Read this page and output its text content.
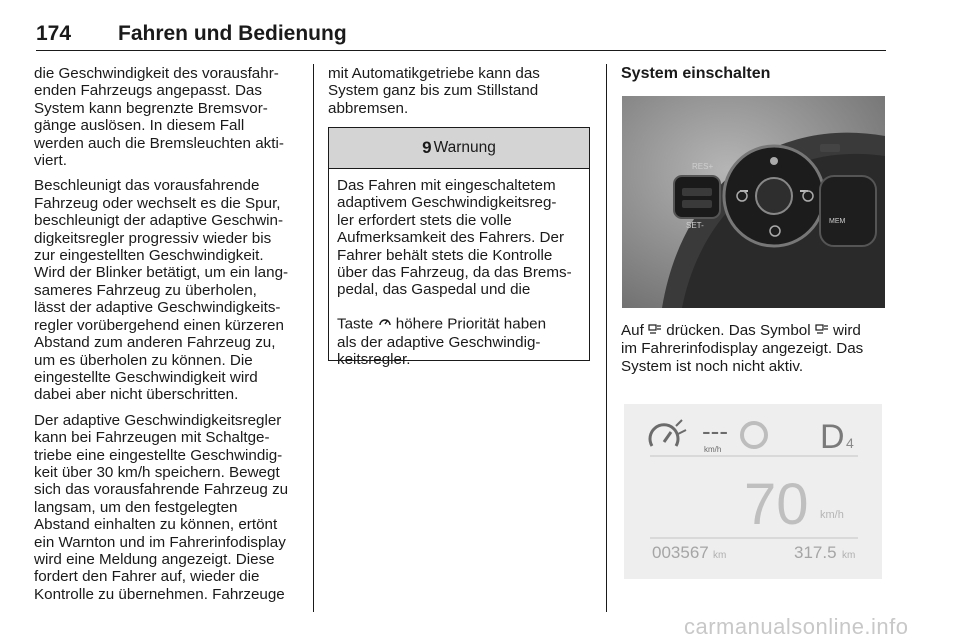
174 Fahren und Bedienung

die Geschwindigkeit des vorausfahr-
enden Fahrzeugs angepasst. Das
System kann begrenzte Bremsvor-
gänge auslösen. In diesem Fall
werden auch die Bremsleuchten akti-
viert.

Beschleunigt das vorausfahrende
Fahrzeug oder wechselt es die Spur,
beschleunigt der adaptive Geschwin-
digkeitsregler progressiv wieder bis
zur eingestellten Geschwindigkeit.
Wird der Blinker betätigt, um ein lang-
sameres Fahrzeug zu überholen,
lässt der adaptive Geschwindigkeits-
regler vorübergehend einen kürzeren
Abstand zum anderen Fahrzeug zu,
um es überholen zu können. Die
eingestellte Geschwindigkeit wird
dabei aber nicht überschritten.

Der adaptive Geschwindigkeitsregler
kann bei Fahrzeugen mit Schaltge-
triebe eine eingestellte Geschwindig-
keit über 30 km/h speichern. Bewegt
sich das vorausfahrende Fahrzeug zu
langsam, um den festgelegten
Abstand einhalten zu können, ertönt
ein Warnton und im Fahrerinfodisplay
wird eine Meldung angezeigt. Diese
fordert den Fahrer auf, wieder die
Kontrolle zu übernehmen. Fahrzeuge

mit Automatikgetriebe kann das
System ganz bis zum Stillstand
abbremsen.

9 Warnung
Das Fahren mit eingeschaltetem
adaptivem Geschwindigkeitsreg-
ler erfordert stets die volle
Aufmerksamkeit des Fahrers. Der
Fahrer behält stets die Kontrolle
über das Fahrzeug, da das Brems-
pedal, das Gaspedal und die
Taste
höhere Priorität haben
als der adaptive Geschwindig-
keitsregler.
System einschalten
RES+
SET-	MEM
Auf  drücken. Das Symbol  wird
im Fahrerinfodisplay angezeigt. Das
System ist noch nicht aktiv.
---
km/h	D 4
70 km/h
003567 km	317.5 km
carmanualsonline.info
